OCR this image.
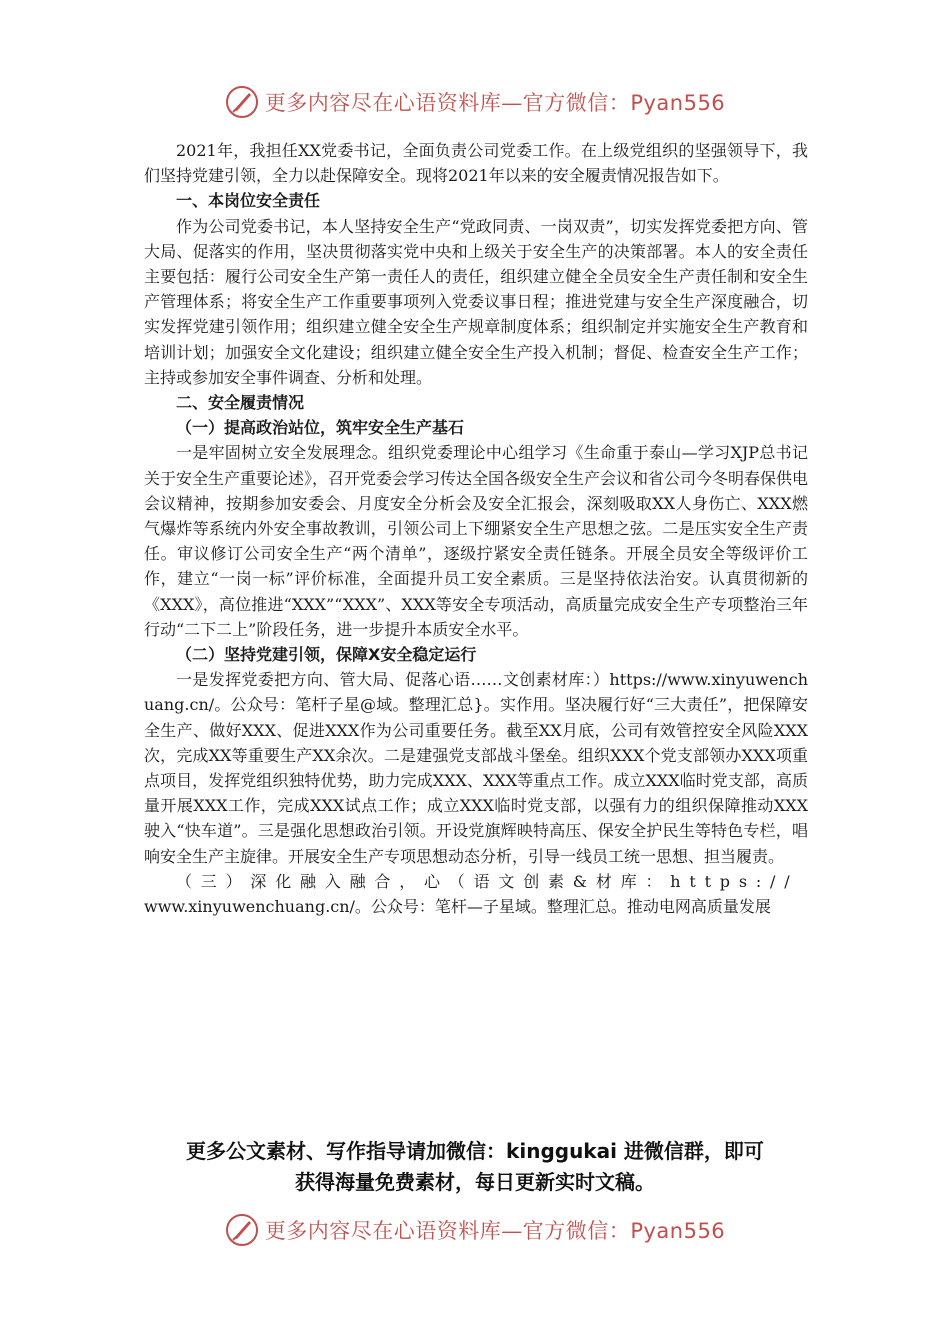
更多内容尽在心语资料库—官方微信：Pyan556

2021年，我担任XX党委书记，全面负责公司党委工作。在上级党组织的坚强领导下，我们坚持党建引领，全力以赴保障安全。现将2021年以来的安全履责情况报告如下。

一、本岗位安全责任

作为公司党委书记，本人坚持安全生产“党政同责、一岗双责”，切实发挥党委把方向、管大局、促落实的作用，坚决贯彻落实党中央和上级关于安全生产的决策部署。本人的安全责任主要包括：履行公司安全生产第一责任人的责任，组织建立健全全员安全生产责任制和安全生产管理体系；将安全生产工作重要事项列入党委议事日程；推进党建与安全生产深度融合，切实发挥党建引领作用；组织建立健全安全生产规章制度体系；组织制定并实施安全生产教育和培训计划；加强安全文化建设；组织建立健全安全生产投入机制；督促、检查安全生产工作；主持或参加安全事件调查、分析和处理。

二、安全履责情况

（一）提高政治站位，筑牢安全生产基石

一是牢固树立安全发展理念。组织党委理论中心组学习《生命重于泰山—学习XJP总书记关于安全生产重要论述》，召开党委会学习传达全国各级安全生产会议和省公司今冬明春保供电会议精神，按期参加安委会、月度安全分析会及安全汇报会，深刻吸取XX人身伤亡、XXX燃气爆炸等系统内外安全事故教训，引领公司上下绷紧安全生产思想之弦。二是压实安全生产责任。审议修订公司安全生产“两个清单”，逐级拧紧安全责任链条。开展全员安全等级评价工作，建立“一岗一标”评价标准，全面提升员工安全素质。三是坚持依法治安。认真贯彻新的《XXX》，高位推进“XXX”“XXX”、XXX等安全专项活动，高质量完成安全生产专项整治三年行动“二下二上”阶段任务，进一步提升本质安全水平。

（二）坚持党建引领，保障X安全稳定运行

一是发挥党委把方向、管大局、促落心语……文创素材库：）https://www.xinyuwenchuang.cn/。公众号：笔杆子星@域。整理汇总}。实作用。坚决履行好“三大责任”，把保障安全生产、做好XXX、促进XXX作为公司重要任务。截至XX月底，公司有效管控安全风险XXX次，完成XX等重要生产XX余次。二是建强党支部战斗堡垒。组织XXX个党支部领办XXX项重点项目，发挥党组织独特优势，助力完成XXX、XXX等重点工作。成立XXX临时党支部，高质量开展XXX工作，完成XXX试点工作；成立XXX临时党支部，以强有力的组织保障推动XXX驶入“快车道”。三是强化思想政治引领。开设党旗辉映特高压、保安全护民生等特色专栏，唱响安全生产主旋律。开展安全生产专项思想动态分析，引导一线员工统一思想、担当履责。

（三）深化融入融合，心（语文创素&材库：https://

www.xinyuwenchuang.cn/。公众号：笔杆—子星域。整理汇总。推动电网高质量发展

更多公文素材、写作指导请加微信：kinggukai 进微信群，即可
获得海量免费素材，每日更新实时文稿。
更多内容尽在心语资料库—官方微信：Pyan556
